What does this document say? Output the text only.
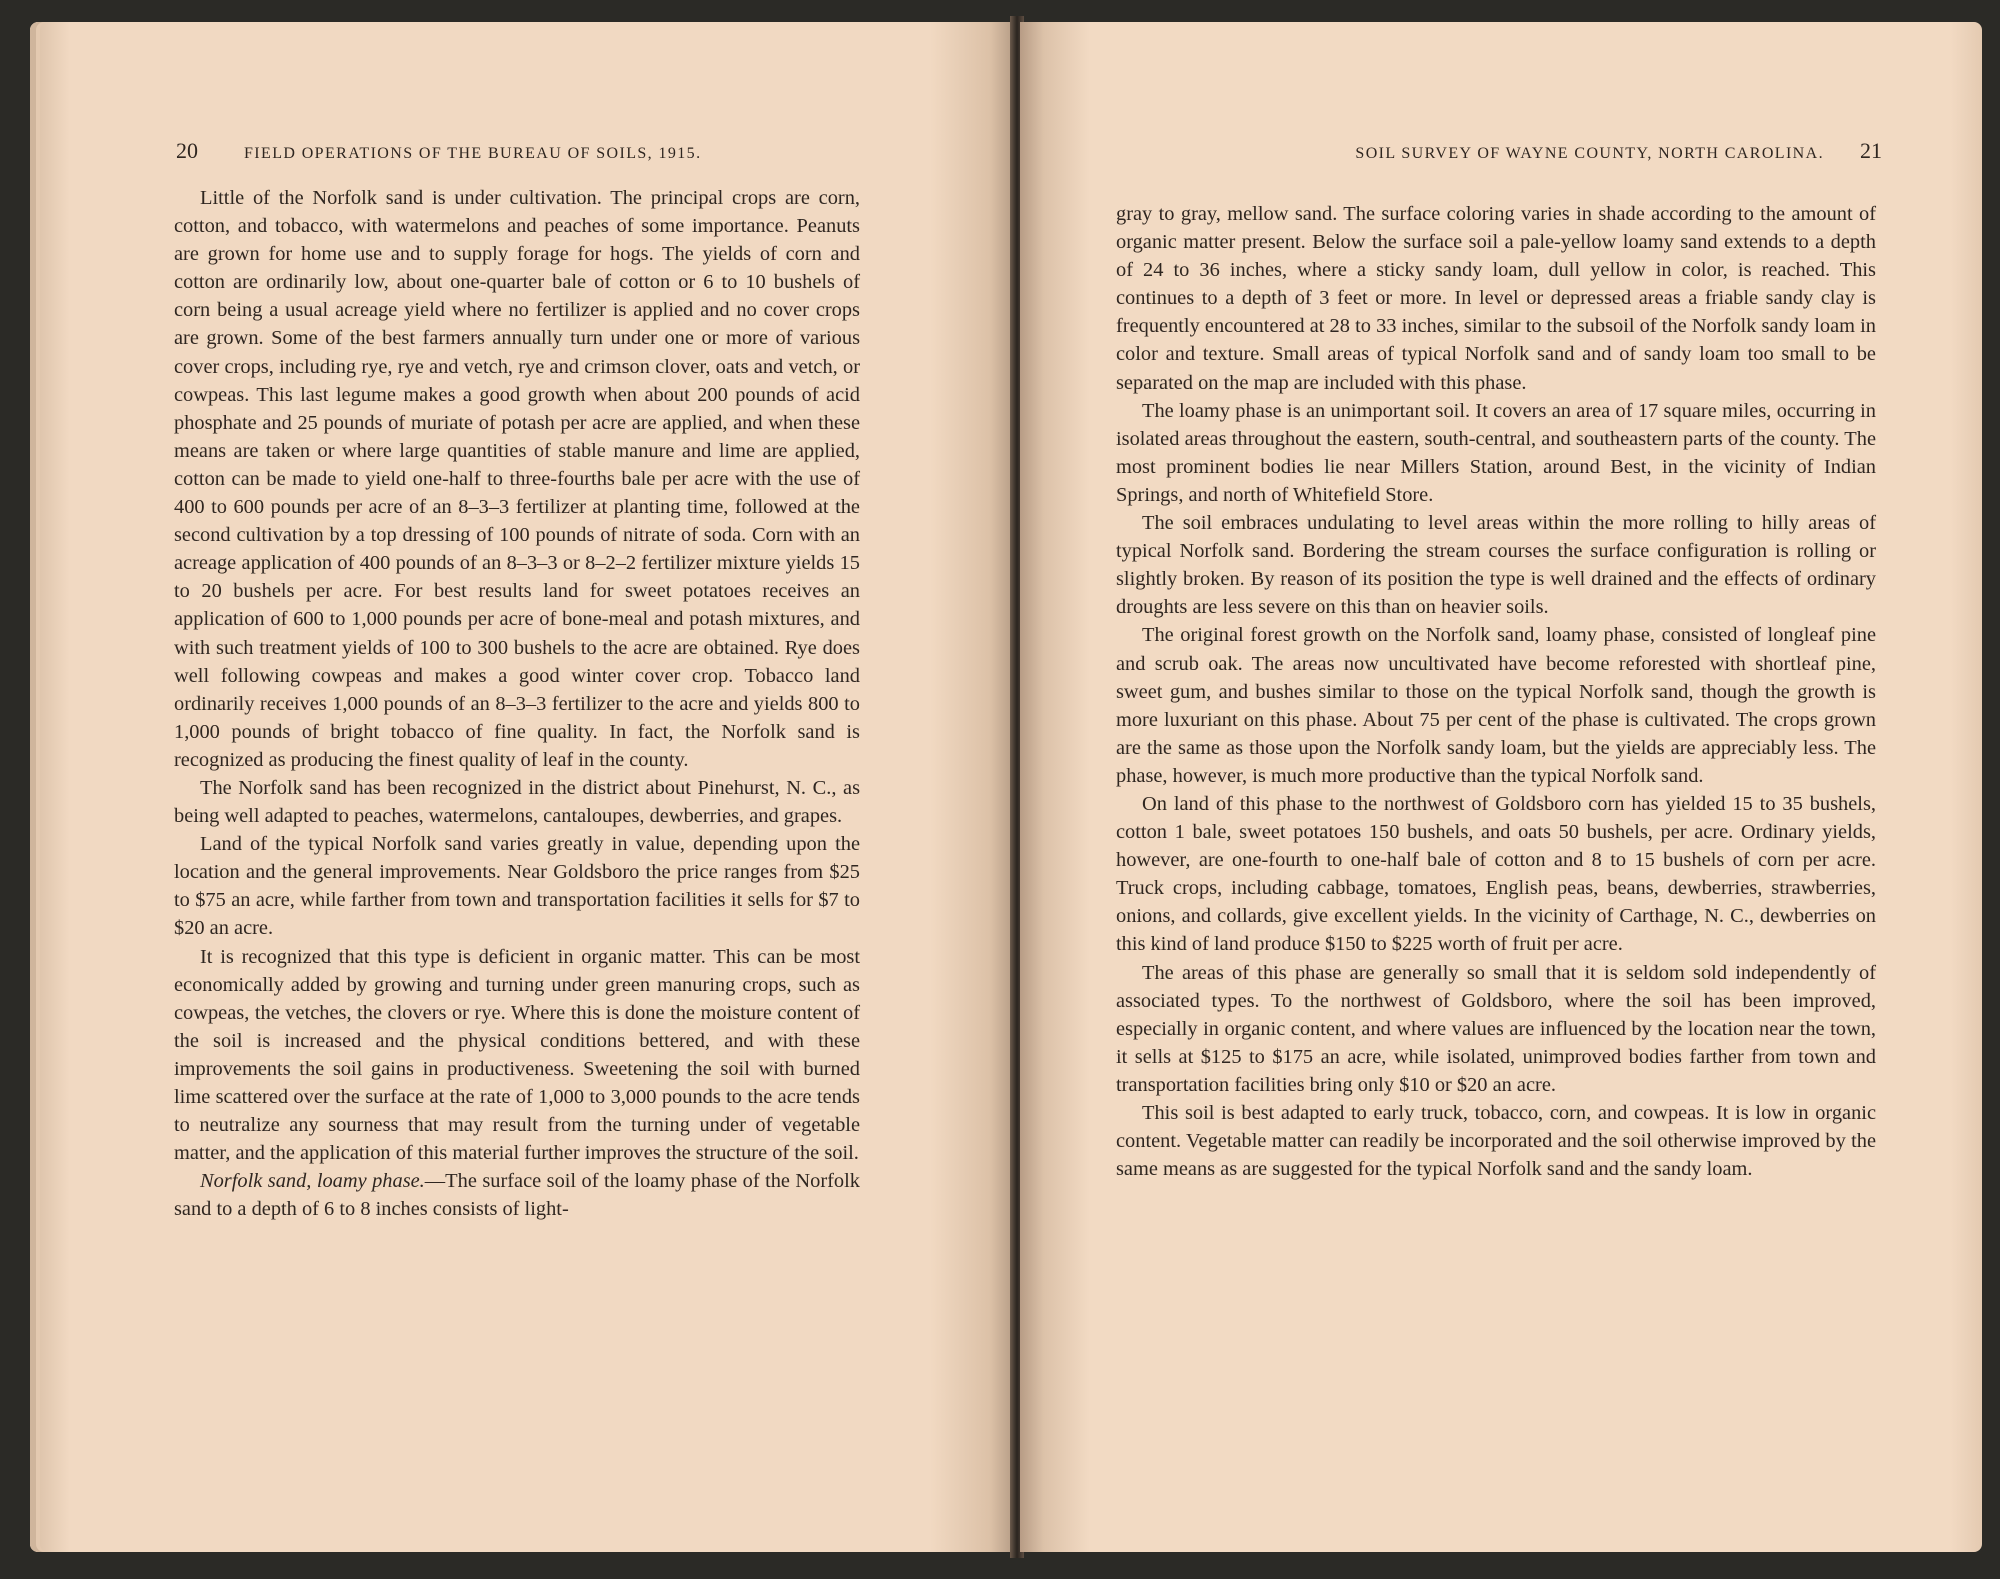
20	FIELD OPERATIONS OF THE BUREAU OF SOILS, 1915.

Little of the Norfolk sand is under cultivation. The principal crops are corn, cotton, and tobacco, with watermelons and peaches of some importance. Peanuts are grown for home use and to supply forage for hogs. The yields of corn and cotton are ordinarily low, about one-quarter bale of cotton or 6 to 10 bushels of corn being a usual acreage yield where no fertilizer is applied and no cover crops are grown. Some of the best farmers annually turn under one or more of various cover crops, including rye, rye and vetch, rye and crimson clover, oats and vetch, or cowpeas. This last legume makes a good growth when about 200 pounds of acid phosphate and 25 pounds of muriate of potash per acre are applied, and when these means are taken or where large quantities of stable manure and lime are applied, cotton can be made to yield one-half to three-fourths bale per acre with the use of 400 to 600 pounds per acre of an 8–3–3 fertilizer at planting time, followed at the second cultivation by a top dressing of 100 pounds of nitrate of soda. Corn with an acreage application of 400 pounds of an 8–3–3 or 8–2–2 fertilizer mixture yields 15 to 20 bushels per acre. For best results land for sweet potatoes receives an application of 600 to 1,000 pounds per acre of bone-meal and potash mixtures, and with such treatment yields of 100 to 300 bushels to the acre are obtained. Rye does well following cowpeas and makes a good winter cover crop. Tobacco land ordinarily receives 1,000 pounds of an 8–3–3 fertilizer to the acre and yields 800 to 1,000 pounds of bright tobacco of fine quality. In fact, the Norfolk sand is recognized as producing the finest quality of leaf in the county.

The Norfolk sand has been recognized in the district about Pinehurst, N. C., as being well adapted to peaches, watermelons, cantaloupes, dewberries, and grapes.

Land of the typical Norfolk sand varies greatly in value, depending upon the location and the general improvements. Near Goldsboro the price ranges from $25 to $75 an acre, while farther from town and transportation facilities it sells for $7 to $20 an acre.

It is recognized that this type is deficient in organic matter. This can be most economically added by growing and turning under green manuring crops, such as cowpeas, the vetches, the clovers or rye. Where this is done the moisture content of the soil is increased and the physical conditions bettered, and with these improvements the soil gains in productiveness. Sweetening the soil with burned lime scattered over the surface at the rate of 1,000 to 3,000 pounds to the acre tends to neutralize any sourness that may result from the turning under of vegetable matter, and the application of this material further improves the structure of the soil.

Norfolk sand, loamy phase.—The surface soil of the loamy phase of the Norfolk sand to a depth of 6 to 8 inches consists of light-

SOIL SURVEY OF WAYNE COUNTY, NORTH CAROLINA. 21

gray to gray, mellow sand. The surface coloring varies in shade according to the amount of organic matter present. Below the surface soil a pale-yellow loamy sand extends to a depth of 24 to 36 inches, where a sticky sandy loam, dull yellow in color, is reached. This continues to a depth of 3 feet or more. In level or depressed areas a friable sandy clay is frequently encountered at 28 to 33 inches, similar to the subsoil of the Norfolk sandy loam in color and texture. Small areas of typical Norfolk sand and of sandy loam too small to be separated on the map are included with this phase.

The loamy phase is an unimportant soil. It covers an area of 17 square miles, occurring in isolated areas throughout the eastern, south-central, and southeastern parts of the county. The most prominent bodies lie near Millers Station, around Best, in the vicinity of Indian Springs, and north of Whitefield Store.

The soil embraces undulating to level areas within the more rolling to hilly areas of typical Norfolk sand. Bordering the stream courses the surface configuration is rolling or slightly broken. By reason of its position the type is well drained and the effects of ordinary droughts are less severe on this than on heavier soils.

The original forest growth on the Norfolk sand, loamy phase, consisted of longleaf pine and scrub oak. The areas now uncultivated have become reforested with shortleaf pine, sweet gum, and bushes similar to those on the typical Norfolk sand, though the growth is more luxuriant on this phase. About 75 per cent of the phase is cultivated. The crops grown are the same as those upon the Norfolk sandy loam, but the yields are appreciably less. The phase, however, is much more productive than the typical Norfolk sand.

On land of this phase to the northwest of Goldsboro corn has yielded 15 to 35 bushels, cotton 1 bale, sweet potatoes 150 bushels, and oats 50 bushels, per acre. Ordinary yields, however, are one-fourth to one-half bale of cotton and 8 to 15 bushels of corn per acre. Truck crops, including cabbage, tomatoes, English peas, beans, dewberries, strawberries, onions, and collards, give excellent yields. In the vicinity of Carthage, N. C., dewberries on this kind of land produce $150 to $225 worth of fruit per acre.

The areas of this phase are generally so small that it is seldom sold independently of associated types. To the northwest of Goldsboro, where the soil has been improved, especially in organic content, and where values are influenced by the location near the town, it sells at $125 to $175 an acre, while isolated, unimproved bodies farther from town and transportation facilities bring only $10 or $20 an acre.

This soil is best adapted to early truck, tobacco, corn, and cowpeas. It is low in organic content. Vegetable matter can readily be incorporated and the soil otherwise improved by the same means as are suggested for the typical Norfolk sand and the sandy loam.
